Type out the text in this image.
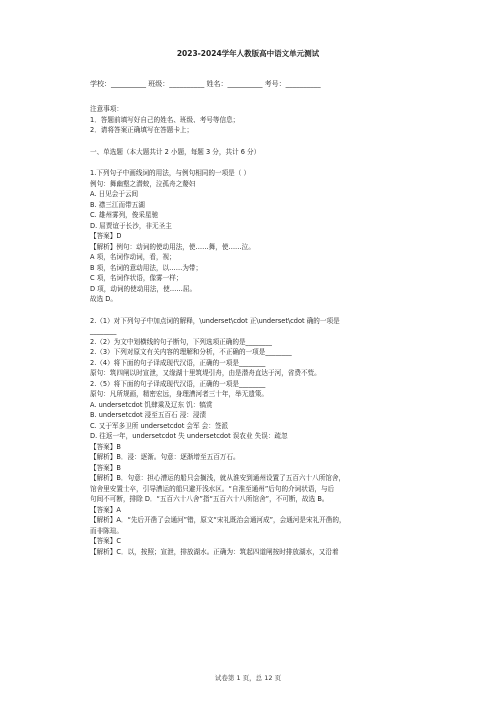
2023-2024学年人教版高中语文单元测试
学校：__________ 班级：__________ 姓名：__________ 考号：__________
注意事项：
1．答题前填写好自己的姓名、班级、考号等信息；
2．请将答案正确填写在答题卡上；
一、单选题（本大题共计 2 小题，每题 3 分，共计 6 分）
1.下列句子中画线词的用法，与例句相同的一项是（ ）
例句：舞幽壑之潜蛟，泣孤舟之嫠妇
A. 日见会于云间
B. 襟三江而带五湖
C. 雄州雾列，俊采星驰
D. 屈贾谊于长沙，非无圣主
【答案】D
【解析】例句：动词的使动用法，使……舞，使……泣。
A 项，名词作动词，看，视；
B 项，名词的意动用法，以……为带；
C 项，名词作状语，像雾一样；
D 项，动词的使动用法，使……屈。
故选 D。
2.（1）对下列句子中加点词的解释，\underset\cdot 正\underset\cdot 确的一项是
________
2.（2）为文中划横线的句子断句，下列选项正确的是________
2.（3）下列对原文有关内容的理解和分析，不正确的一项是________
2.（4）将下面的句子译成现代汉语，正确的一项是________
原句：筑四闸以时宣泄，又缘湖十里筑堤引舟，由是潜舟直达于河，省费不赀。
2.（5）将下面的句子译成现代汉语，正确的一项是________
原句：凡所规画，精密宏远，身理漕河者三十年，举无遗策。
A. undersetcdot 饥肆乘及辽东 饥：犒赏
B. undersetcdot 浸至五百石 浸：浸渍
C. 又于军多卫所 undersetcdot 会军 会：签派
D. 往返一年，undersetcdot 失 undersetcdot 误农业 失误：疏忽
【答案】B
【解析】B．浸：逐渐。句意：逐渐增至五百万石。
【答案】B
【解析】B．句意：担心漕运的船只会搁浅，就从淮安到通州设置了五百六十八所馆舍，
馆舍里安置士卒，引导漕运的船只避开浅水区。“自淮至通州”后句的介词状语，与后
句间不可断，排除 D．“五百六十八舍”指“五百六十八所馆舍”，不可断，故选 B。
【答案】A
【解析】A．“先后开凿了会通河”错，原文“宋礼既治会通河成”，会通河是宋礼开凿的，
而非陈瑄。
【答案】C
【解析】C．以，按照；宣泄，排放湖水。正确为：筑起四道闸按时排放湖水，又沿着
试卷第 1 页，总 12 页
